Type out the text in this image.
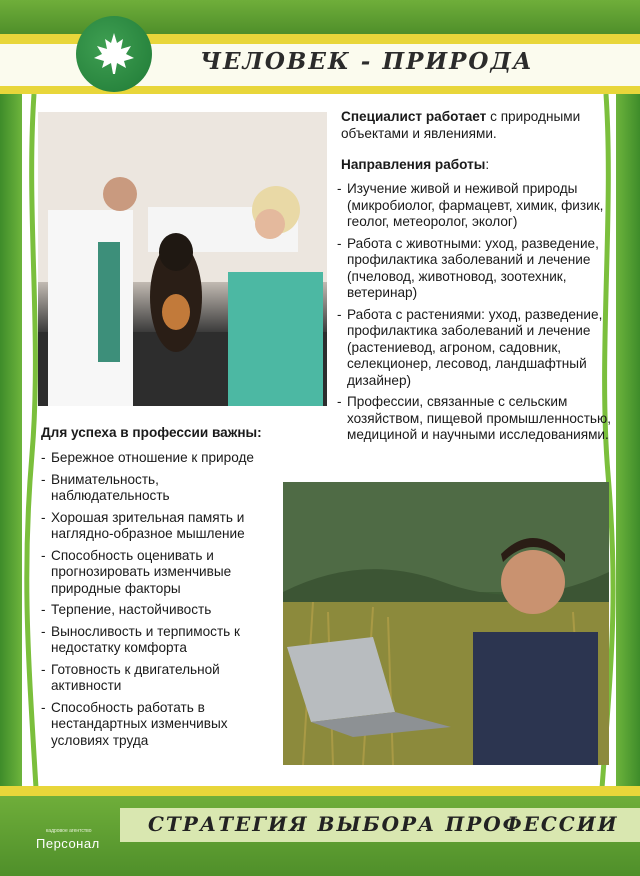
ЧЕЛОВЕК - ПРИРОДА
Специалист работает с природными объектами и явлениями.
Направления работы:
- Изучение живой и неживой природы (микробиолог, фармацевт, химик, физик, геолог, метеоролог, эколог)
- Работа с животными: уход, разведение, профилактика заболеваний и лечение (пчеловод, животновод, зоотехник, ветеринар)
- Работа с растениями: уход, разведение, профилактика заболеваний и лечение (растениевод, агроном, садовник, селекционер, лесовод, ландшафтный дизайнер)
- Профессии, связанные с сельским хозяйством, пищевой промышленностью, медициной и научными исследованиями.
Для успеха в профессии важны:
- Бережное отношение к природе
- Внимательность, наблюдательность
- Хорошая зрительная память и наглядно-образное мышление
- Способность оценивать и прогнозировать изменчивые природные факторы
- Терпение, настойчивость
- Выносливость и терпимость к недостатку комфорта
- Готовность к двигательной активности
- Способность работать в нестандартных изменчивых условиях труда
СТРАТЕГИЯ ВЫБОРА ПРОФЕССИИ
кадровое агентство
Персонал
